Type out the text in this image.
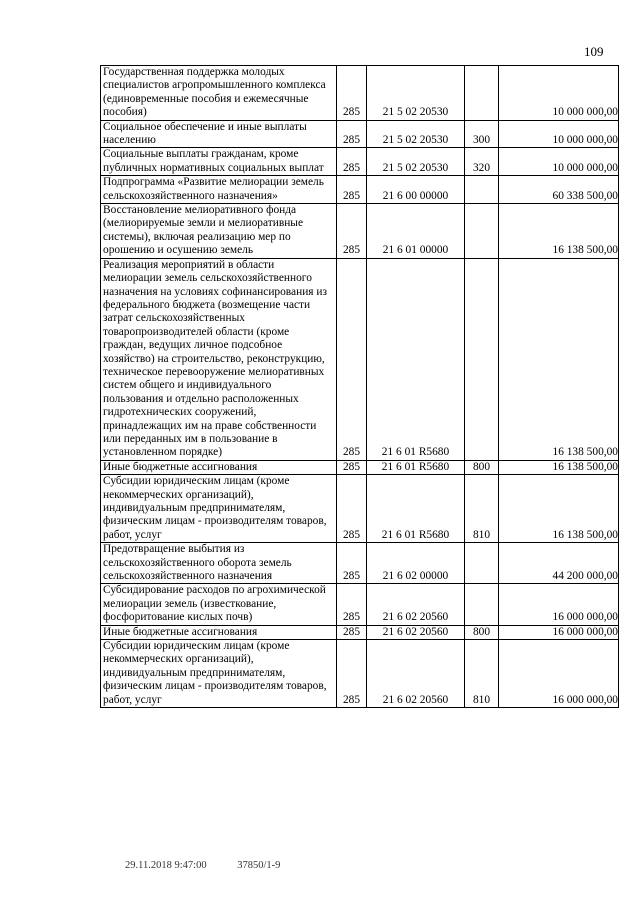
109
Государственная поддержка молодых специалистов агропромышленного комплекса (единовременные пособия и ежемесячные пособия)	285	21 5 02 20530		10 000 000,00
Социальное обеспечение и иные выплаты населению	285	21 5 02 20530	300	10 000 000,00
Социальные выплаты гражданам, кроме публичных нормативных социальных выплат	285	21 5 02 20530	320	10 000 000,00
Подпрограмма «Развитие мелиорации земель сельскохозяйственного назначения»	285	21 6 00 00000		60 338 500,00
Восстановление мелиоративного фонда (мелиорируемые земли и мелиоративные системы), включая реализацию мер по орошению и осушению земель	285	21 6 01 00000		16 138 500,00
Реализация мероприятий в области мелиорации земель сельскохозяйственного назначения на условиях софинансирования из федерального бюджета (возмещение части затрат сельскохозяйственных товаропроизводителей области (кроме граждан, ведущих личное подсобное хозяйство) на строительство, реконструкцию, техническое перевооружение мелиоративных систем общего и индивидуального пользования и отдельно расположенных гидротехнических сооружений, принадлежащих им на праве собственности или переданных им в пользование в установленном порядке)	285	21 6 01 R5680		16 138 500,00
Иные бюджетные ассигнования	285	21 6 01 R5680	800	16 138 500,00
Субсидии юридическим лицам (кроме некоммерческих организаций), индивидуальным предпринимателям, физическим лицам - производителям товаров, работ, услуг	285	21 6 01 R5680	810	16 138 500,00
Предотвращение выбытия из сельскохозяйственного оборота земель сельскохозяйственного назначения	285	21 6 02 00000		44 200 000,00
Субсидирование расходов по агрохимической мелиорации земель (известкование, фосфоритование кислых почв)	285	21 6 02 20560		16 000 000,00
Иные бюджетные ассигнования	285	21 6 02 20560	800	16 000 000,00
Субсидии юридическим лицам (кроме некоммерческих организаций), индивидуальным предпринимателям, физическим лицам - производителям товаров, работ, услуг	285	21 6 02 20560	810	16 000 000,00
29.11.2018 9:47:00	37850/1-9
